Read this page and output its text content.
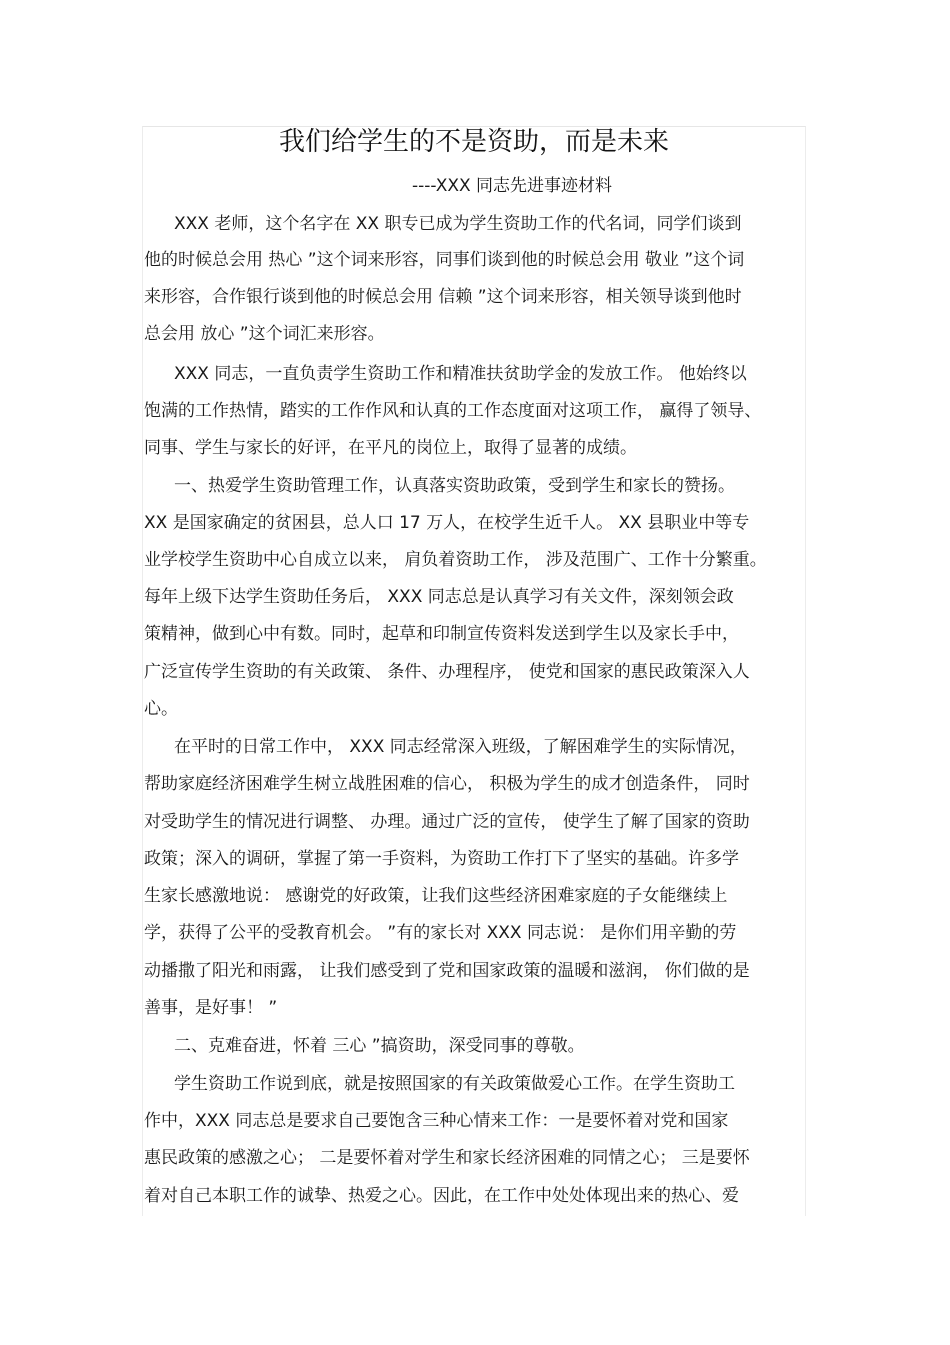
我们给学生的不是资助，而是未来
----XXX 同志先进事迹材料
XXX 老师，这个名字在 XX 职专已成为学生资助工作的代名词，同学们谈到
他的时候总会用 热心 ”这个词来形容，同事们谈到他的时候总会用 敬业 ”这个词
来形容，合作银行谈到他的时候总会用 信赖 ”这个词来形容，相关领导谈到他时
总会用 放心 ”这个词汇来形容。
XXX 同志，一直负责学生资助工作和精准扶贫助学金的发放工作。 他始终以
饱满的工作热情，踏实的工作作风和认真的工作态度面对这项工作， 赢得了领导、
同事、学生与家长的好评，在平凡的岗位上，取得了显著的成绩。
一、热爱学生资助管理工作，认真落实资助政策，受到学生和家长的赞扬。
XX 是国家确定的贫困县，总人口 17 万人，在校学生近千人。 XX 县职业中等专
业学校学生资助中心自成立以来， 肩负着资助工作， 涉及范围广、工作十分繁重。
每年上级下达学生资助任务后， XXX 同志总是认真学习有关文件，深刻领会政
策精神，做到心中有数。同时，起草和印制宣传资料发送到学生以及家长手中，
广泛宣传学生资助的有关政策、 条件、办理程序， 使党和国家的惠民政策深入人
心。
在平时的日常工作中， XXX 同志经常深入班级，了解困难学生的实际情况，
帮助家庭经济困难学生树立战胜困难的信心， 积极为学生的成才创造条件， 同时
对受助学生的情况进行调整、 办理。通过广泛的宣传， 使学生了解了国家的资助
政策；深入的调研，掌握了第一手资料，为资助工作打下了坚实的基础。许多学
生家长感激地说： 感谢党的好政策，让我们这些经济困难家庭的子女能继续上
学，获得了公平的受教育机会。 ”有的家长对 XXX 同志说： 是你们用辛勤的劳
动播撒了阳光和雨露， 让我们感受到了党和国家政策的温暖和滋润， 你们做的是
善事，是好事！ ”
二、克难奋进，怀着 三心 ”搞资助，深受同事的尊敬。
学生资助工作说到底，就是按照国家的有关政策做爱心工作。在学生资助工
作中，XXX 同志总是要求自己要饱含三种心情来工作：一是要怀着对党和国家
惠民政策的感激之心； 二是要怀着对学生和家长经济困难的同情之心； 三是要怀
着对自己本职工作的诚挚、热爱之心。因此，在工作中处处体现出来的热心、爱
